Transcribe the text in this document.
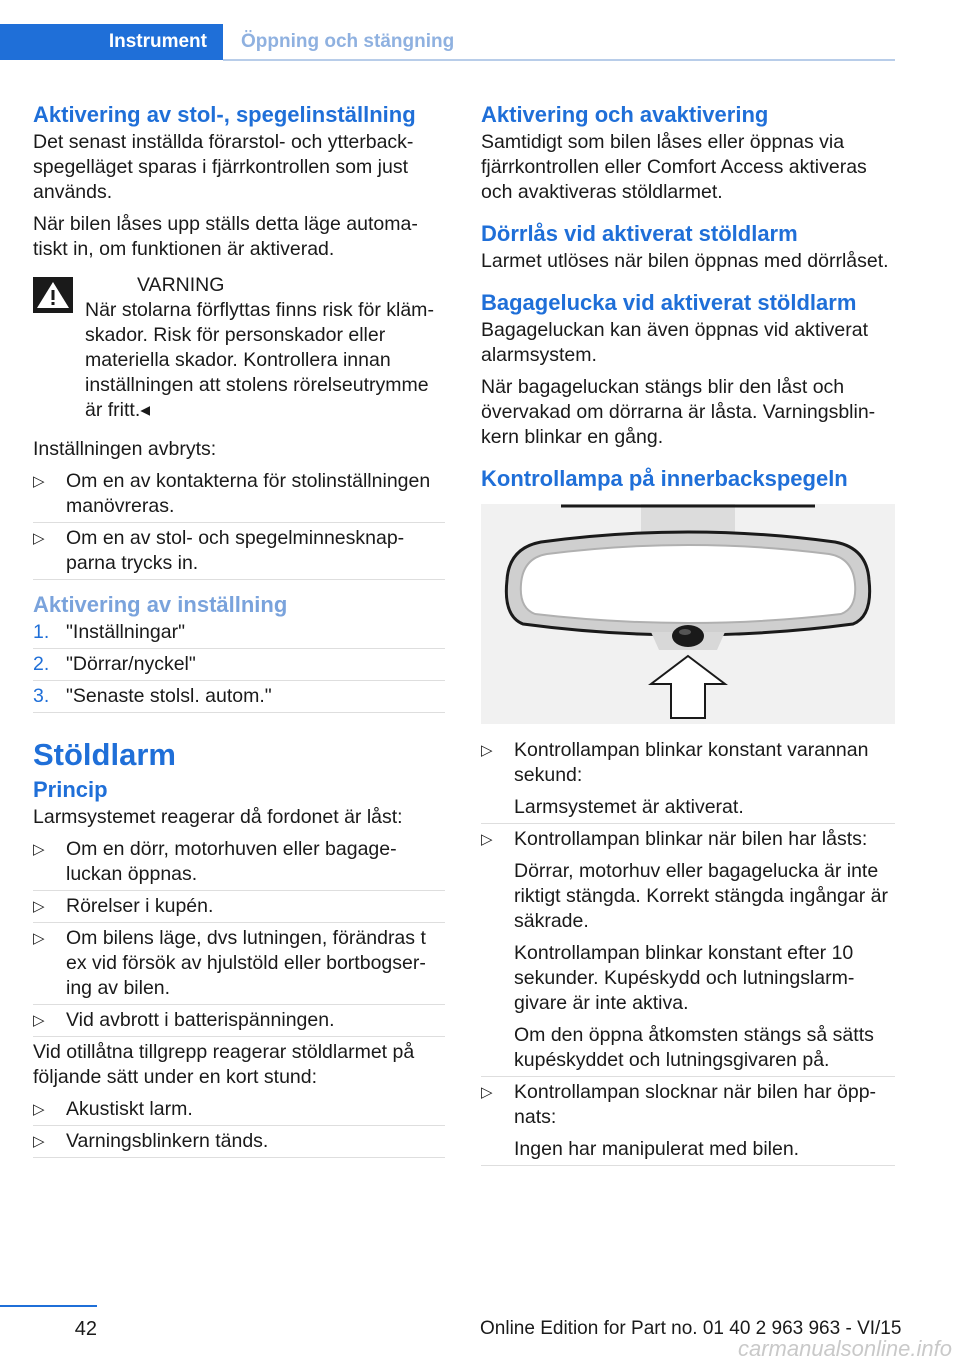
Instrument	Öppning och stängning
Aktivering av stol-, spegelinställning

Det senast inställda förarstol- och ytterbackspegelläget sparas i fjärrkontrollen som just används.

När bilen låses upp ställs detta läge automatiskt in, om funktionen är aktiverad.

VARNING
När stolarna förflyttas finns risk för klämskador. Risk för personskador eller materiella skador. Kontrollera innan inställningen att stolens rörelseutrymme är fritt.◂

Inställningen avbryts:

▷ Om en av kontakterna för stolinställningen manövreras.
▷ Om en av stol- och spegelminnesknapparna trycks in.
Aktivering av inställning
1. "Inställningar"
2. "Dörrar/nyckel"
3. "Senaste stolsl. autom."
Stöldlarm
Princip

Larmsystemet reagerar då fordonet är låst:

▷ Om en dörr, motorhuven eller bagageluckan öppnas.
▷ Rörelser i kupén.
▷ Om bilens läge, dvs lutningen, förändras t ex vid försök av hjulstöld eller bortbogsering av bilen.
▷ Vid avbrott i batterispänningen.

Vid otillåtna tillgrepp reagerar stöldlarmet på följande sätt under en kort stund:

▷ Akustiskt larm.
▷ Varningsblinkern tänds.
Aktivering och avaktivering

Samtidigt som bilen låses eller öppnas via fjärrkontrollen eller Comfort Access aktiveras och avaktiveras stöldlarmet.

Dörrlås vid aktiverat stöldlarm

Larmet utlöses när bilen öppnas med dörrlåset.

Bagagelucka vid aktiverat stöldlarm

Bagageluckan kan även öppnas vid aktiverat alarmsystem.

När bagageluckan stängs blir den låst och övervakad om dörrarna är låsta. Varningsblinkern blinkar en gång.

Kontrollampa på innerbackspegeln
▷ Kontrollampan blinkar konstant varannan sekund:
Larmsystemet är aktiverat.
▷ Kontrollampan blinkar när bilen har låsts:
Dörrar, motorhuv eller bagagelucka är inte riktigt stängda. Korrekt stängda ingångar är säkrade.
Kontrollampan blinkar konstant efter 10 sekunder. Kupéskydd och lutningslarmgivare är inte aktiva.
Om den öppna åtkomsten stängs så sätts kupéskyddet och lutningsgivaren på.
▷ Kontrollampan slocknar när bilen har öppnats:
Ingen har manipulerat med bilen.
42	Online Edition for Part no. 01 40 2 963 963 - VI/15
carmanualsonline.info
